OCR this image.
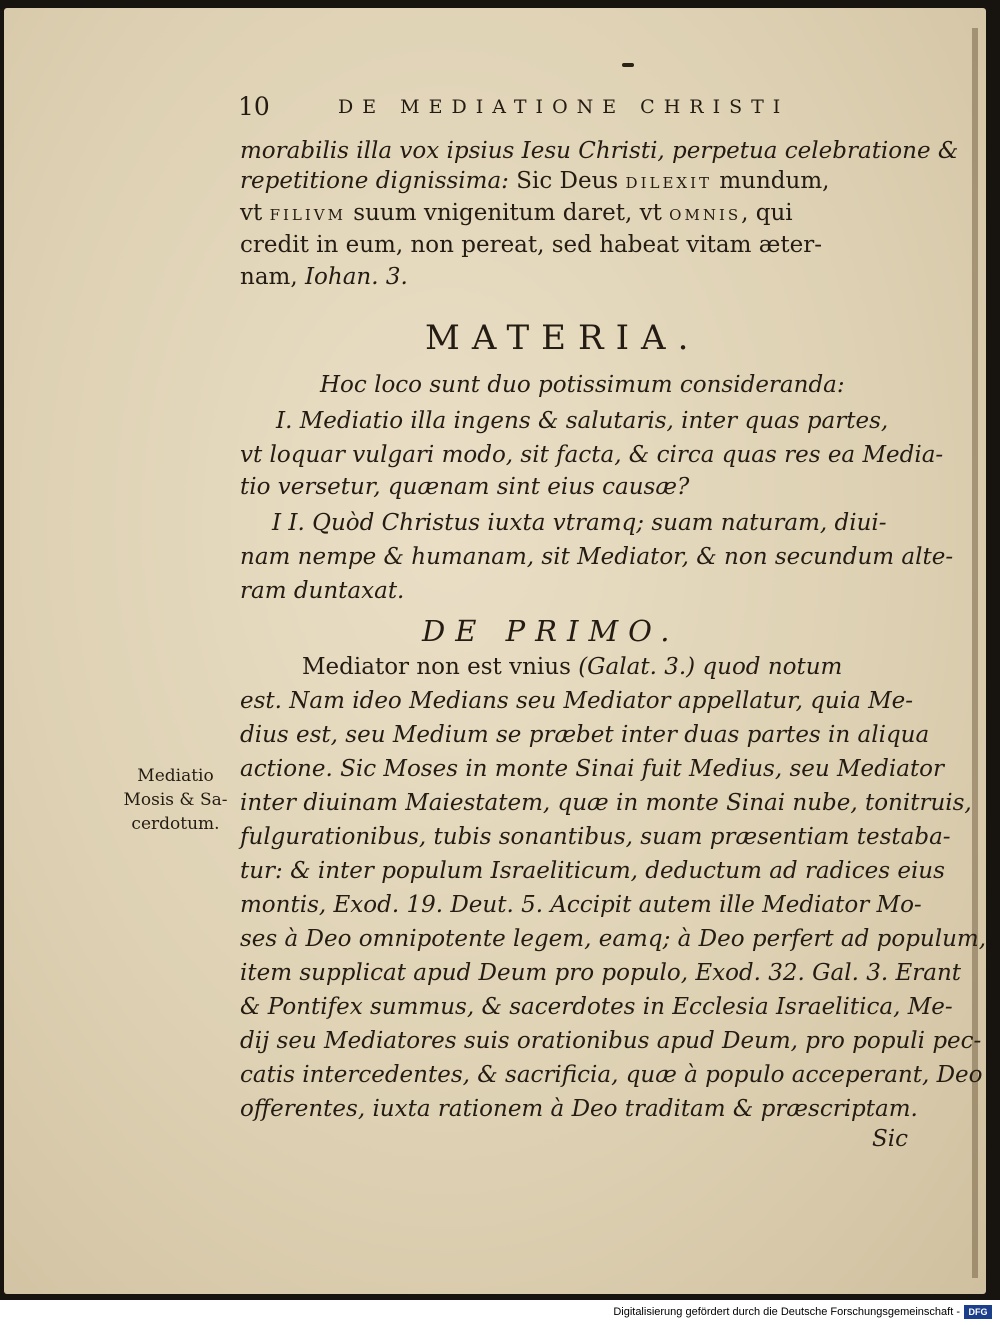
10	DE MEDIATIONE CHRISTI
morabilis illa vox ipsius Iesu Christi, perpetua celebratione &
repetitione dignissima: Sic Deus DILEXIT mundum,
vt FILIVM suum vnigenitum daret, vt OMNIS, qui
credit in eum, non pereat, sed habeat vitam æter-
nam, Iohan. 3.
MATERIA.
Hoc loco sunt duo potissimum consideranda:
I. Mediatio illa ingens & salutaris, inter quas partes,
vt loquar vulgari modo, sit facta, & circa quas res ea Media-
tio versetur, quænam sint eius causæ?
I I. Quòd Christus iuxta vtramq; suam naturam, diui-
nam nempe & humanam, sit Mediator, & non secundum alte-
ram duntaxat.
DE PRIMO.
Mediator non est vnius (Galat. 3.) quod notum
est. Nam ideo Medians seu Mediator appellatur, quia Me-
dius est, seu Medium se præbet inter duas partes in aliqua
actione. Sic Moses in monte Sinai fuit Medius, seu Mediator
inter diuinam Maiestatem, quæ in monte Sinai nube, tonitruis,
fulgurationibus, tubis sonantibus, suam præsentiam testaba-
tur: & inter populum Israeliticum, deductum ad radices eius
montis, Exod. 19. Deut. 5. Accipit autem ille Mediator Mo-
ses à Deo omnipotente legem, eamq; à Deo perfert ad populum,
item supplicat apud Deum pro populo, Exod. 32. Gal. 3. Erant
& Pontifex summus, & sacerdotes in Ecclesia Israelitica, Me-
dij seu Mediatores suis orationibus apud Deum, pro populi pec-
catis intercedentes, & sacrificia, quæ à populo acceperant, Deo
offerentes, iuxta rationem à Deo traditam & præscriptam.
Sic
Mediatio
Mosis & Sa-
cerdotum.
Digitalisierung gefördert durch die Deutsche Forschungsgemeinschaft - DFG
